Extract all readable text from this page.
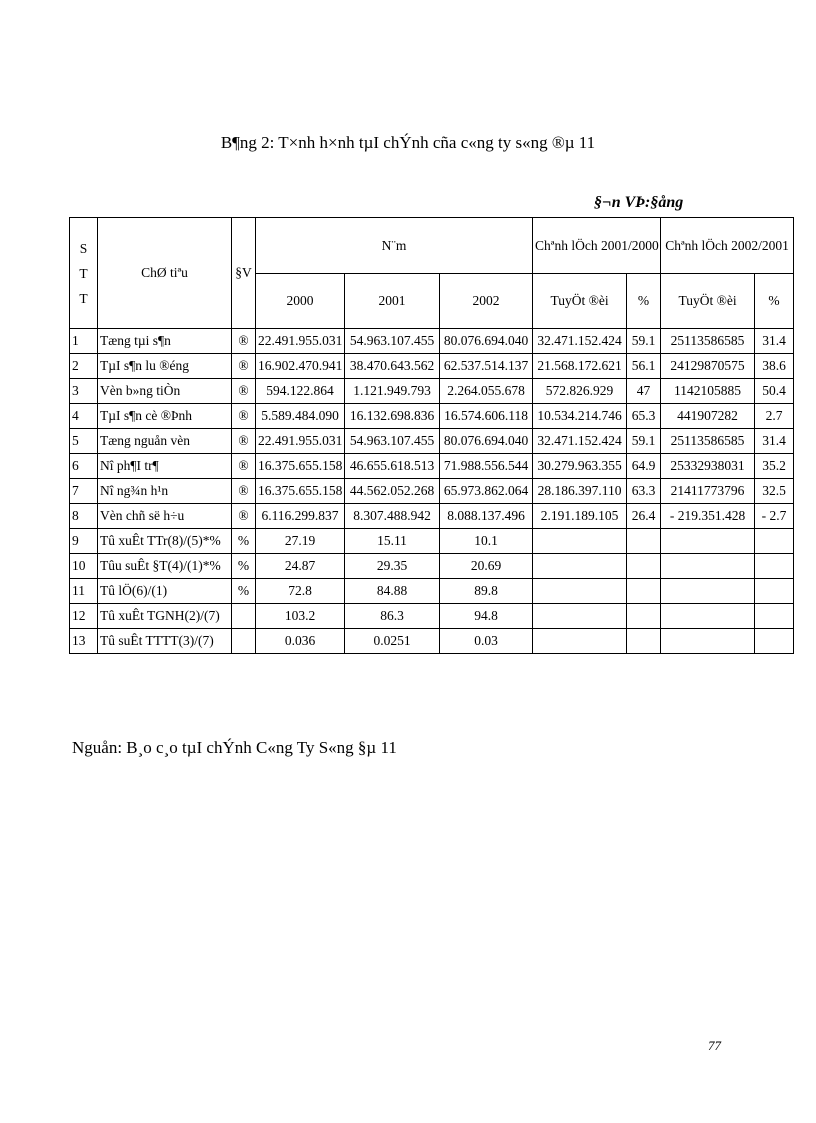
B¶ng 2: T×nh h×nh tµI chÝnh cña c«ng ty s«ng ®µ 11
§¬n VÞ:§ång
S
T
T	ChØ tiªu	§V	N¨m			Chªnh lÖch 2001/2000		Chªnh lÖch 2002/2001	
			2000	2001	2002	TuyÖt ®èi	%	TuyÖt ®èi	%
1	Tæng tµi s¶n	®	22.491.955.031	54.963.107.455	80.076.694.040	32.471.152.424	59.1	25113586585	31.4
2	TµI s¶n lu ®éng	®	16.902.470.941	38.470.643.562	62.537.514.137	21.568.172.621	56.1	24129870575	38.6
3	Vèn b»ng tiÒn	®	594.122.864	1.121.949.793	2.264.055.678	572.826.929	47	1142105885	50.4
4	TµI s¶n cè ®Þnh	®	5.589.484.090	16.132.698.836	16.574.606.118	10.534.214.746	65.3	441907282	2.7
5	Tæng nguån vèn	®	22.491.955.031	54.963.107.455	80.076.694.040	32.471.152.424	59.1	25113586585	31.4
6	Nî ph¶I tr¶	®	16.375.655.158	46.655.618.513	71.988.556.544	30.279.963.355	64.9	25332938031	35.2
7	Nî ng¾n h¹n	®	16.375.655.158	44.562.052.268	65.973.862.064	28.186.397.110	63.3	21411773796	32.5
8	Vèn chñ së h÷u	®	6.116.299.837	8.307.488.942	8.088.137.496	2.191.189.105	26.4	- 219.351.428	- 2.7
9	Tû xuÊt TTr(8)/(5)*%	%	27.19	15.11	10.1				
10	Tûu suÊt §T(4)/(1)*%	%	24.87	29.35	20.69				
11	Tû lÖ(6)/(1)	%	72.8	84.88	89.8				
12	Tû xuÊt TGNH(2)/(7)		103.2	86.3	94.8				
13	Tû suÊt TTTT(3)/(7)		0.036	0.0251	0.03				
Nguån: B¸o c¸o tµI chÝnh C«ng Ty S«ng §µ 11
77
